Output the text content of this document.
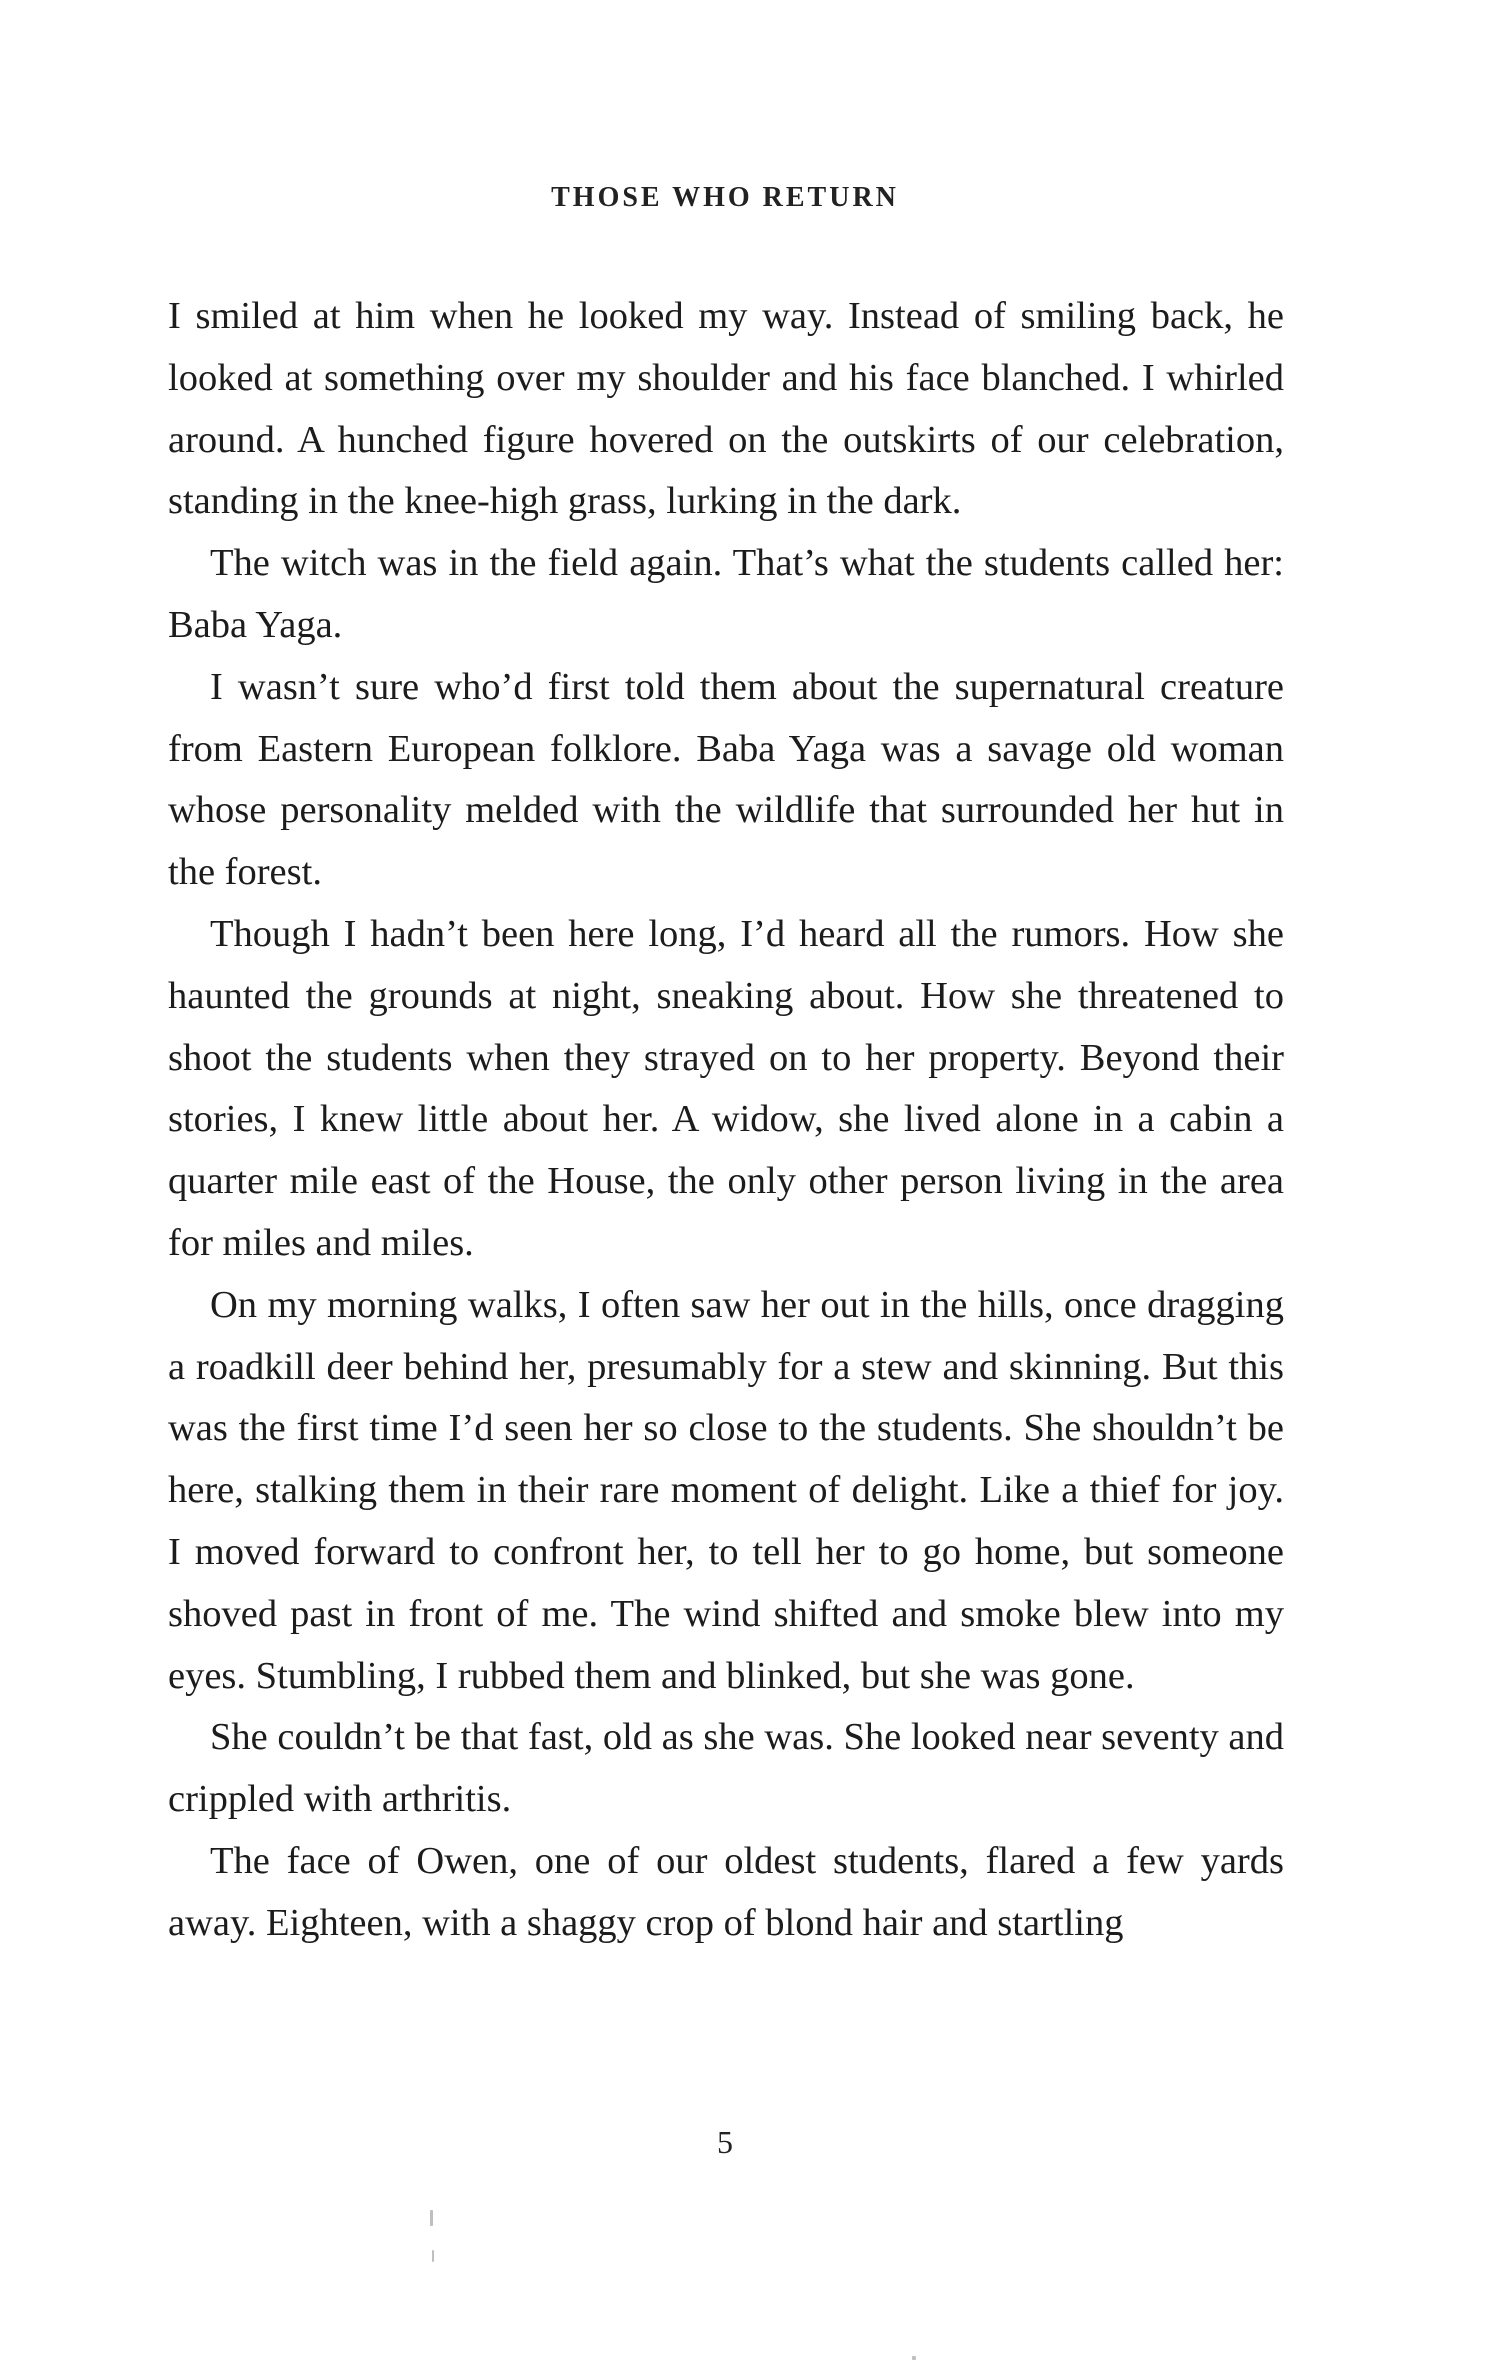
THOSE WHO RETURN

I smiled at him when he looked my way. Instead of smiling back, he looked at something over my shoulder and his face blanched. I whirled around. A hunched figure hovered on the outskirts of our celebration, standing in the knee-high grass, lurking in the dark.

The witch was in the field again. That’s what the students called her: Baba Yaga.

I wasn’t sure who’d first told them about the supernatural creature from Eastern European folklore. Baba Yaga was a savage old woman whose personality melded with the wildlife that surrounded her hut in the forest.

Though I hadn’t been here long, I’d heard all the rumors. How she haunted the grounds at night, sneaking about. How she threatened to shoot the students when they strayed on to her property. Beyond their stories, I knew little about her. A widow, she lived alone in a cabin a quarter mile east of the House, the only other person living in the area for miles and miles.

On my morning walks, I often saw her out in the hills, once dragging a roadkill deer behind her, presumably for a stew and skinning. But this was the first time I’d seen her so close to the students. She shouldn’t be here, stalking them in their rare moment of delight. Like a thief for joy. I moved forward to confront her, to tell her to go home, but someone shoved past in front of me. The wind shifted and smoke blew into my eyes. Stumbling, I rubbed them and blinked, but she was gone.

She couldn’t be that fast, old as she was. She looked near seventy and crippled with arthritis.

The face of Owen, one of our oldest students, flared a few yards away. Eighteen, with a shaggy crop of blond hair and startling

5
